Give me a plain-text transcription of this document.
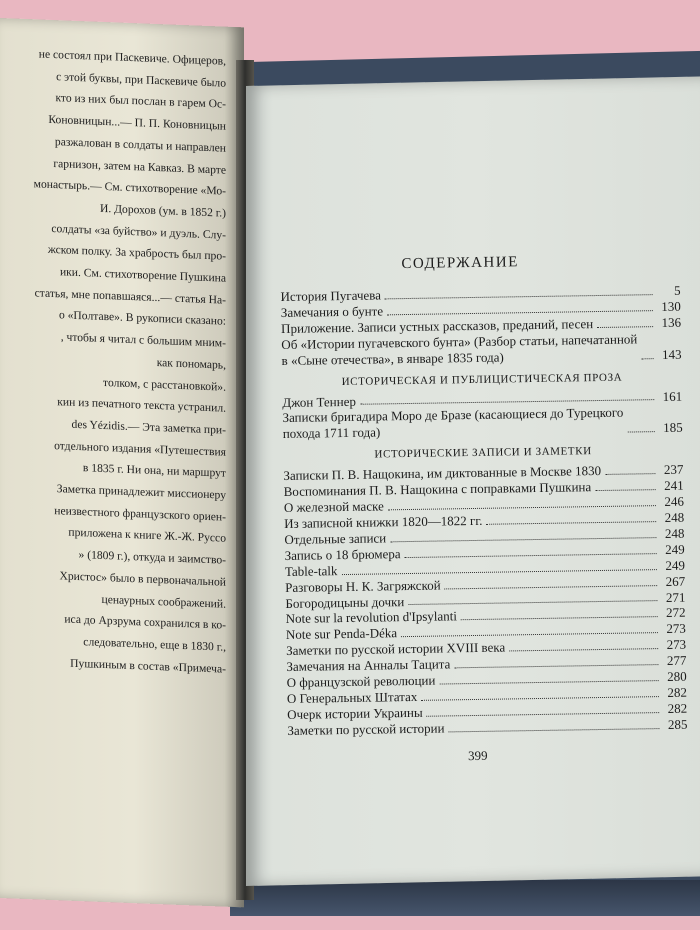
не состоял при Паскевиче. Офицеров,
с этой буквы, при Паскевиче было
кто из них был послан в гарем Ос-
Коновницын...— П. П. Коновницын
разжалован в солдаты и направлен
гарнизон, затем на Кавказ. В марте
монастырь.— См. стихотворение «Мо-
И. Дорохов (ум. в 1852 г.)
солдаты «за буйство» и дуэль. Слу-
жском полку. За храбрость был про-
ики. См. стихотворение Пушкина
статья, мне попавшаяся...— статья На-
о «Полтаве». В рукописи сказано:
, чтобы я читал с большим мним-
как пономарь,
толком, с расстановкой».
кин из печатного текста устранил.
des Yézidis.— Эта заметка при-
отдельного издания «Путешествия
в 1835 г. Ни она, ни маршрут
Заметка принадлежит миссионеру
неизвестного французского ориен-
приложена к книге Ж.-Ж. Руссо
» (1809 г.), откуда и заимство-
Христос» было в первоначальной
ценаурных соображений.
иса до Арзрума сохранился в ко-
следовательно, еще в 1830 г.,
Пушкиным в состав «Примеча-
СОДЕРЖАНИЕ
История Пугачева	5
Замечания о бунте	130
Приложение. Записи устных рассказов, преданий, песен	136
Об «Истории пугачевского бунта» (Разбор статьи, напечатанной
в «Сыне отечества», в январе 1835 года)	143
ИСТОРИЧЕСКАЯ И ПУБЛИЦИСТИЧЕСКАЯ ПРОЗА
Джон Теннер	161
Записки бригадира Моро де Бразе (касающиеся до Турецкого
похода 1711 года)	185
ИСТОРИЧЕСКИЕ ЗАПИСИ И ЗАМЕТКИ
Записки П. В. Нащокина, им диктованные в Москве 1830	237
Воспоминания П. В. Нащокина с поправками Пушкина	241
О железной маске	246
Из записной книжки 1820—1822 гг.	248
Отдельные записи	248
Запись о 18 брюмера	249
Table-talk	249
Разговоры Н. К. Загряжской	267
Богородицыны дочки	271
Note sur la revolution d'Ipsylanti	272
Note sur Penda-Déka	273
Заметки по русской истории XVIII века	273
Замечания на Анналы Тацита	277
О французской революции	280
О Генеральных Штатах	282
Очерк истории Украины	282
Заметки по русской истории	285
399
